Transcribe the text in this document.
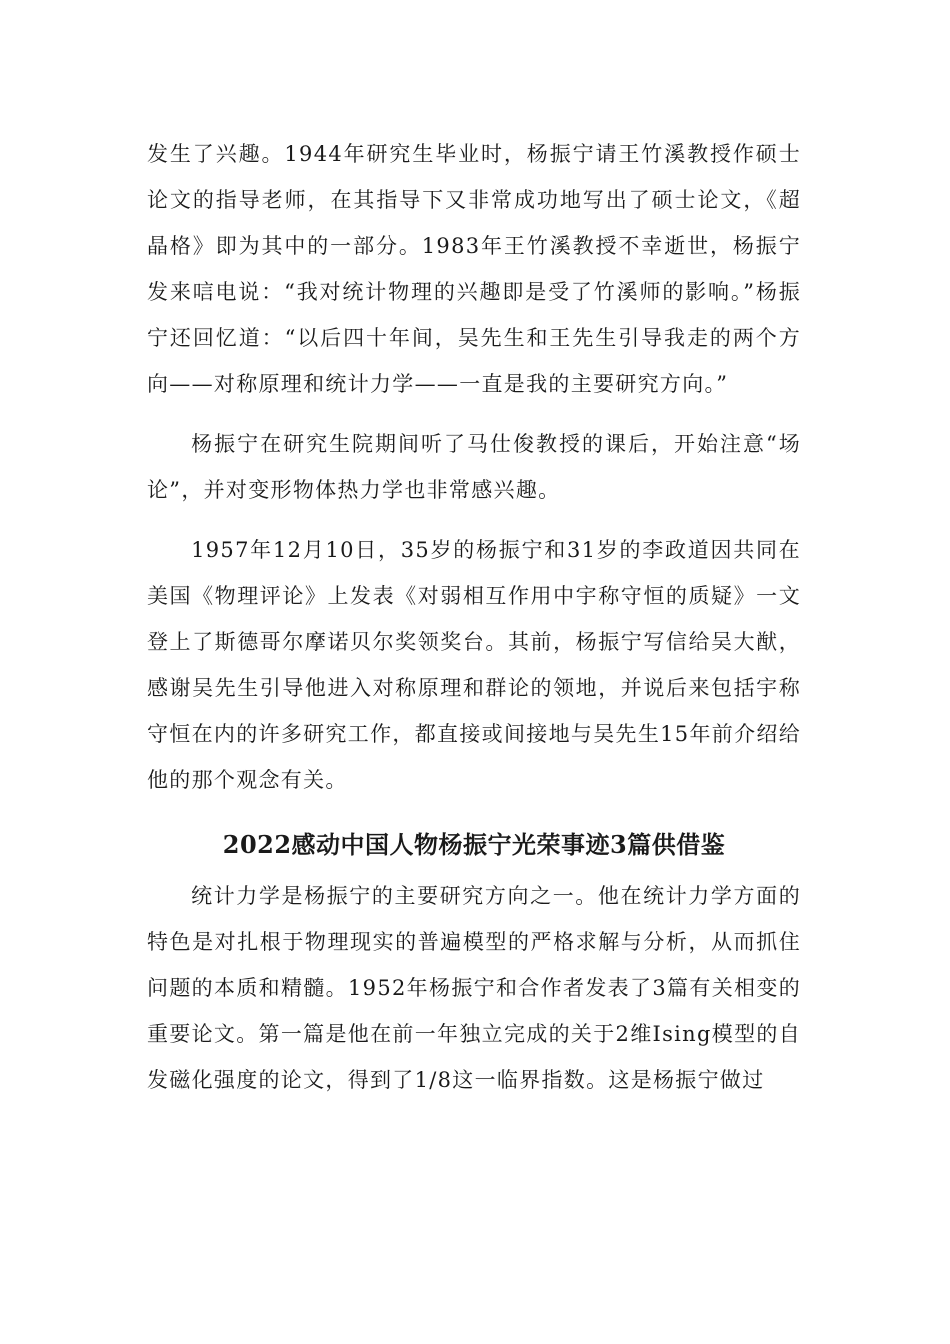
发生了兴趣。1944年研究生毕业时，杨振宁请王竹溪教授作硕士论文的指导老师，在其指导下又非常成功地写出了硕士论文，《超晶格》即为其中的一部分。1983年王竹溪教授不幸逝世，杨振宁发来唁电说：“我对统计物理的兴趣即是受了竹溪师的影响。”杨振宁还回忆道：“以后四十年间，吴先生和王先生引导我走的两个方向——对称原理和统计力学——一直是我的主要研究方向。”

杨振宁在研究生院期间听了马仕俊教授的课后，开始注意“场论”，并对变形物体热力学也非常感兴趣。

1957年12月10日，35岁的杨振宁和31岁的李政道因共同在美国《物理评论》上发表《对弱相互作用中宇称守恒的质疑》一文登上了斯德哥尔摩诺贝尔奖领奖台。其前，杨振宁写信给吴大猷，感谢吴先生引导他进入对称原理和群论的领地，并说后来包括宇称守恒在内的许多研究工作，都直接或间接地与吴先生15年前介绍给他的那个观念有关。

2022感动中国人物杨振宁光荣事迹3篇供借鉴

统计力学是杨振宁的主要研究方向之一。他在统计力学方面的特色是对扎根于物理现实的普遍模型的严格求解与分析，从而抓住问题的本质和精髓。1952年杨振宁和合作者发表了3篇有关相变的重要论文。第一篇是他在前一年独立完成的关于2维Ising模型的自发磁化强度的论文，得到了1/8这一临界指数。这是杨振宁做过
